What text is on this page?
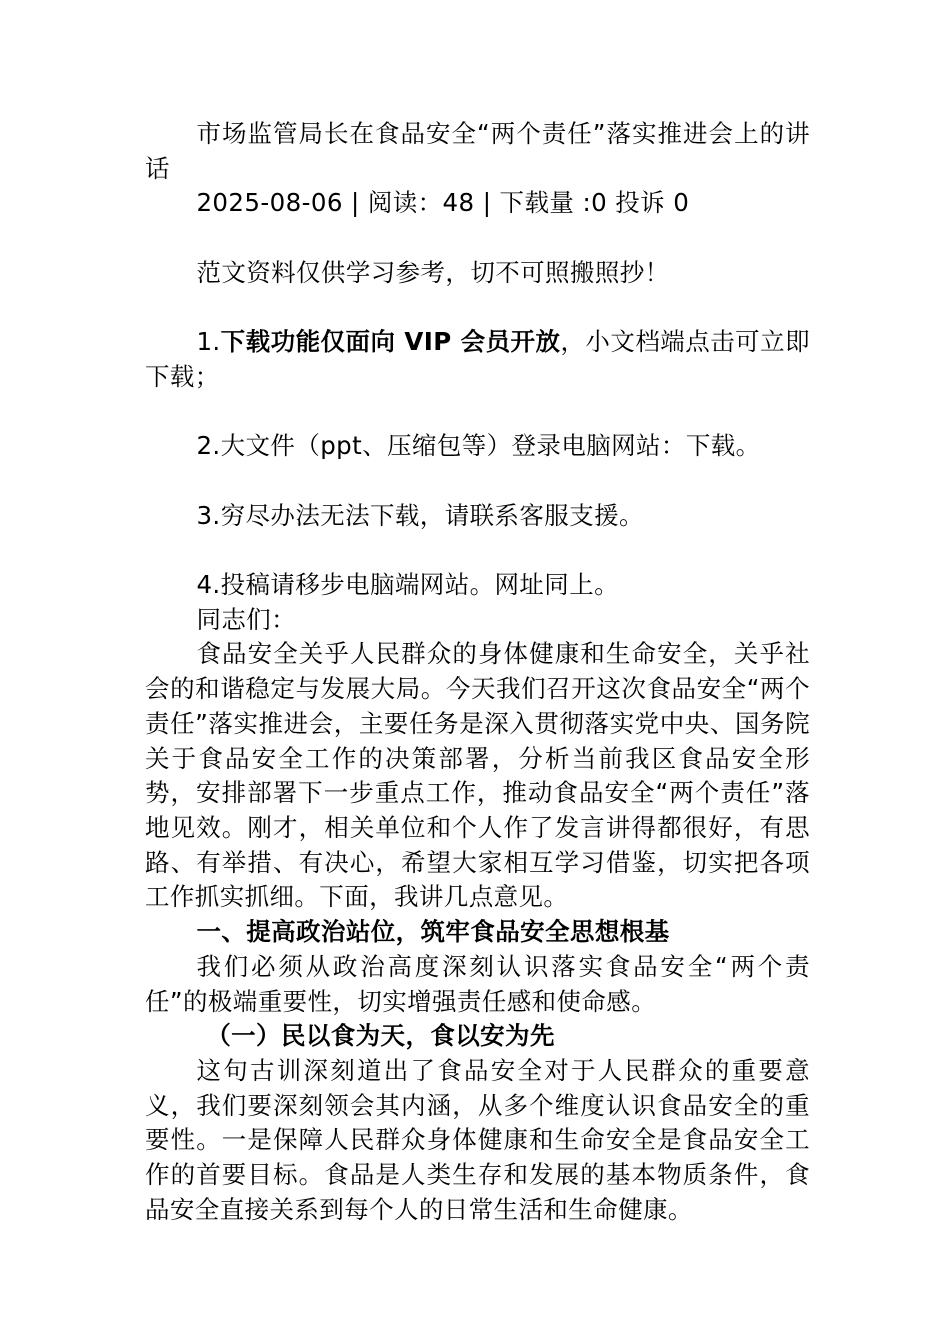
市场监管局长在食品安全“两个责任”落实推进会上的讲话

2025-08-06 | 阅读：48 | 下载量 :0 投诉 0

范文资料仅供学习参考，切不可照搬照抄！

1.下载功能仅面向 VIP 会员开放，小文档端点击可立即下载；

2.大文件（ppt、压缩包等）登录电脑网站：下载。

3.穷尽办法无法下载，请联系客服支援。

4.投稿请移步电脑端网站。网址同上。

同志们：

食品安全关乎人民群众的身体健康和生命安全，关乎社会的和谐稳定与发展大局。今天我们召开这次食品安全“两个责任”落实推进会，主要任务是深入贯彻落实党中央、国务院关于食品安全工作的决策部署，分析当前我区食品安全形势，安排部署下一步重点工作，推动食品安全“两个责任”落地见效。刚才，相关单位和个人作了发言讲得都很好，有思路、有举措、有决心，希望大家相互学习借鉴，切实把各项工作抓实抓细。下面，我讲几点意见。

一、提高政治站位，筑牢食品安全思想根基

我们必须从政治高度深刻认识落实食品安全“两个责任”的极端重要性，切实增强责任感和使命感。

（一）民以食为天，食以安为先

这句古训深刻道出了食品安全对于人民群众的重要意义，我们要深刻领会其内涵，从多个维度认识食品安全的重要性。一是保障人民群众身体健康和生命安全是食品安全工作的首要目标。食品是人类生存和发展的基本物质条件，食品安全直接关系到每个人的日常生活和生命健康。
